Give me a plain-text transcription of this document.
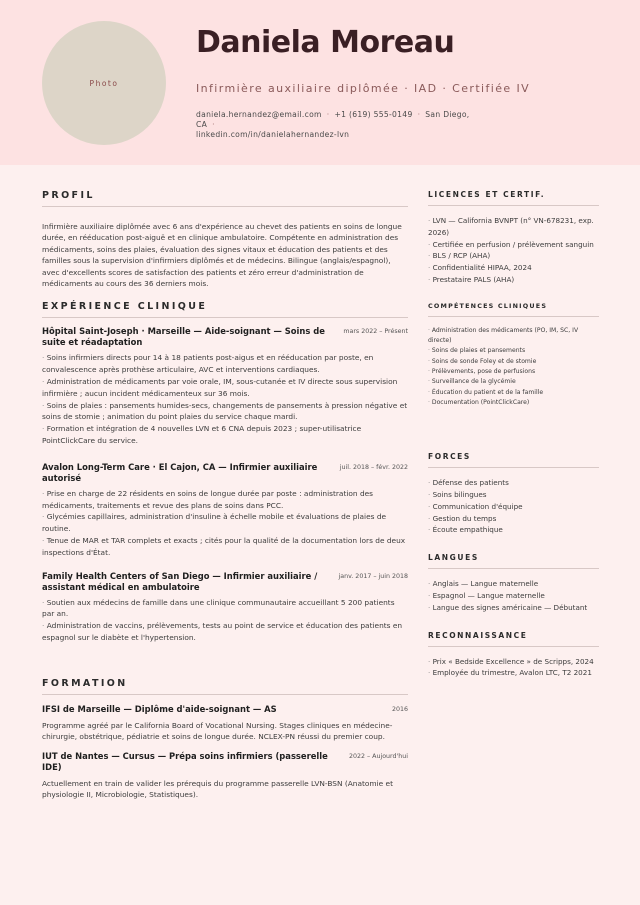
Photo
Daniela Moreau
Infirmière auxiliaire diplômée · IAD · Certifiée IV
daniela.hernandez@email.com · +1 (619) 555-0149 · San Diego, CA ·
linkedin.com/in/danielahernandez-lvn
PROFIL
Infirmière auxiliaire diplômée avec 6 ans d'expérience au chevet des patients en soins de longue durée, en rééducation post-aiguë et en clinique ambulatoire. Compétente en administration des médicaments, soins des plaies, évaluation des signes vitaux et éducation des patients et des familles sous la supervision d'infirmiers diplômés et de médecins. Bilingue (anglais/espagnol), avec d'excellents scores de satisfaction des patients et zéro erreur d'administration de médicaments au cours des 36 derniers mois.
EXPÉRIENCE CLINIQUE
Hôpital Saint-Joseph · Marseille — Aide-soignant — Soins de suite et réadaptation
mars 2022 – Présent
· Soins infirmiers directs pour 14 à 18 patients post-aigus et en rééducation par poste, en convalescence après prothèse articulaire, AVC et interventions cardiaques.
· Administration de médicaments par voie orale, IM, sous-cutanée et IV directe sous supervision infirmière ; aucun incident médicamenteux sur 36 mois.
· Soins de plaies : pansements humides-secs, changements de pansements à pression négative et soins de stomie ; animation du point plaies du service chaque mardi.
· Formation et intégration de 4 nouvelles LVN et 6 CNA depuis 2023 ; super-utilisatrice PointClickCare du service.
Avalon Long-Term Care · El Cajon, CA — Infirmier auxiliaire autorisé
juil. 2018 – févr. 2022
· Prise en charge de 22 résidents en soins de longue durée par poste : administration des médicaments, traitements et revue des plans de soins dans PCC.
· Glycémies capillaires, administration d'insuline à échelle mobile et évaluations de plaies de routine.
· Tenue de MAR et TAR complets et exacts ; cités pour la qualité de la documentation lors de deux inspections d'État.
Family Health Centers of San Diego — Infirmier auxiliaire / assistant médical en ambulatoire
janv. 2017 – juin 2018
· Soutien aux médecins de famille dans une clinique communautaire accueillant 5 200 patients par an.
· Administration de vaccins, prélèvements, tests au point de service et éducation des patients en espagnol sur le diabète et l'hypertension.
FORMATION
IFSI de Marseille — Diplôme d'aide-soignant — AS	2016
Programme agréé par le California Board of Vocational Nursing. Stages cliniques en médecine-chirurgie, obstétrique, pédiatrie et soins de longue durée. NCLEX-PN réussi du premier coup.
IUT de Nantes — Cursus — Prépa soins infirmiers (passerelle IDE)
2022 – Aujourd'hui
Actuellement en train de valider les prérequis du programme passerelle LVN-BSN (Anatomie et physiologie II, Microbiologie, Statistiques).
LICENCES ET CERTIF.
· LVN — California BVNPT (n° VN-678231, exp. 2026)
· Certifiée en perfusion / prélèvement sanguin
· BLS / RCP (AHA)
· Confidentialité HIPAA, 2024
· Prestataire PALS (AHA)
COMPÉTENCES CLINIQUES
· Administration des médicaments (PO, IM, SC, IV directe)
· Soins de plaies et pansements
· Soins de sonde Foley et de stomie
· Prélèvements, pose de perfusions
· Surveillance de la glycémie
· Éducation du patient et de la famille
· Documentation (PointClickCare)
FORCES
· Défense des patients
· Soins bilingues
· Communication d'équipe
· Gestion du temps
· Écoute empathique
LANGUES
· Anglais — Langue maternelle
· Espagnol — Langue maternelle
· Langue des signes américaine — Débutant
RECONNAISSANCE
· Prix « Bedside Excellence » de Scripps, 2024
· Employée du trimestre, Avalon LTC, T2 2021
